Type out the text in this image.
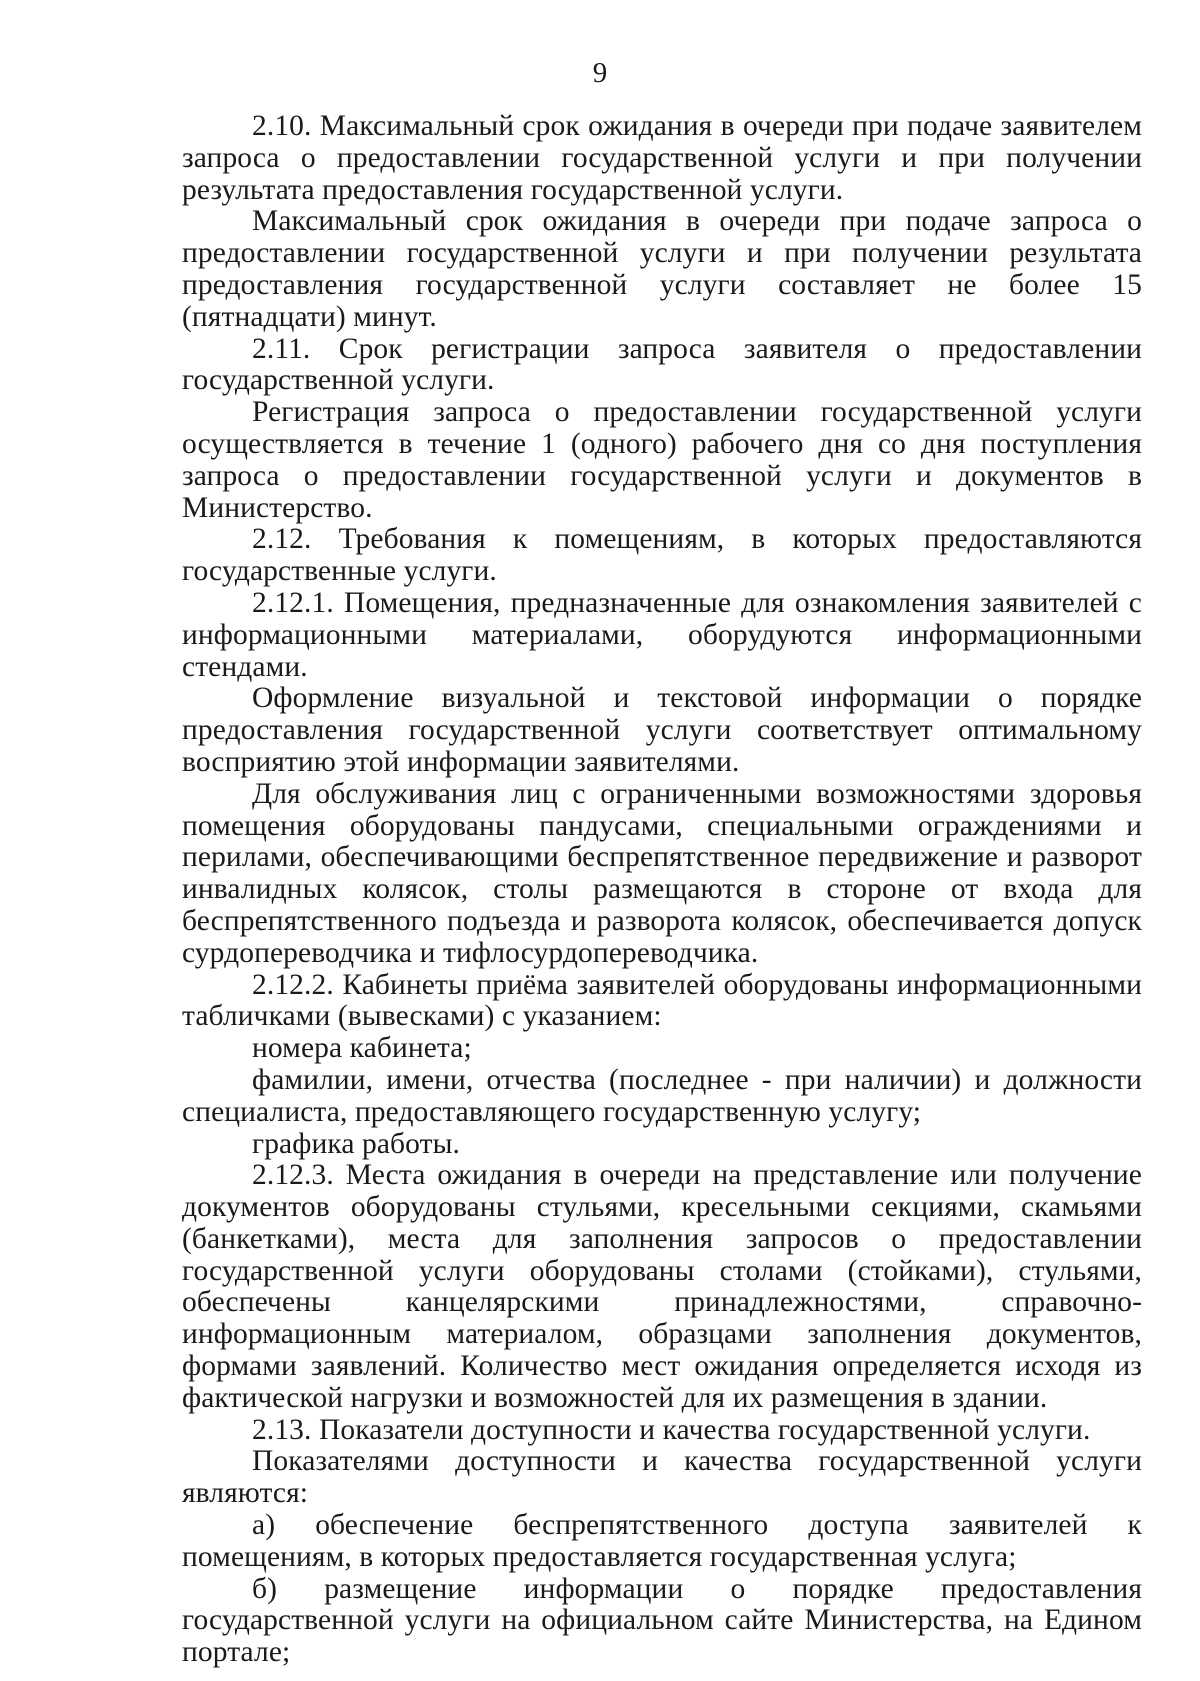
9

2.10. Максимальный срок ожидания в очереди при подаче заявителем запроса о предоставлении государственной услуги и при получении результата предоставления государственной услуги.

Максимальный срок ожидания в очереди при подаче запроса о предоставлении государственной услуги и при получении результата предоставления государственной услуги составляет не более 15 (пятнадцати) минут.

2.11. Срок регистрации запроса заявителя о предоставлении государственной услуги.

Регистрация запроса о предоставлении государственной услуги осуществляется в течение 1 (одного) рабочего дня со дня поступления запроса о предоставлении государственной услуги и документов в Министерство.

2.12. Требования к помещениям, в которых предоставляются государственные услуги.

2.12.1. Помещения, предназначенные для ознакомления заявителей с информационными материалами, оборудуются информационными стендами.

Оформление визуальной и текстовой информации о порядке предоставления государственной услуги соответствует оптимальному восприятию этой информации заявителями.

Для обслуживания лиц с ограниченными возможностями здоровья помещения оборудованы пандусами, специальными ограждениями и перилами, обеспечивающими беспрепятственное передвижение и разворот инвалидных колясок, столы размещаются в стороне от входа для беспрепятственного подъезда и разворота колясок, обеспечивается допуск сурдопереводчика и тифлосурдопереводчика.

2.12.2. Кабинеты приёма заявителей оборудованы информационными табличками (вывесками) с указанием:

номера кабинета;

фамилии, имени, отчества (последнее - при наличии) и должности специалиста, предоставляющего государственную услугу;

графика работы.

2.12.3. Места ожидания в очереди на представление или получение документов оборудованы стульями, кресельными секциями, скамьями (банкетками), места для заполнения запросов о предоставлении государственной услуги оборудованы столами (стойками), стульями, обеспечены канцелярскими принадлежностями, справочно-информационным материалом, образцами заполнения документов, формами заявлений. Количество мест ожидания определяется исходя из фактической нагрузки и возможностей для их размещения в здании.

2.13. Показатели доступности и качества государственной услуги.

Показателями доступности и качества государственной услуги являются:

а) обеспечение беспрепятственного доступа заявителей к помещениям, в которых предоставляется государственная услуга;

б) размещение информации о порядке предоставления государственной услуги на официальном сайте Министерства, на Едином портале;
